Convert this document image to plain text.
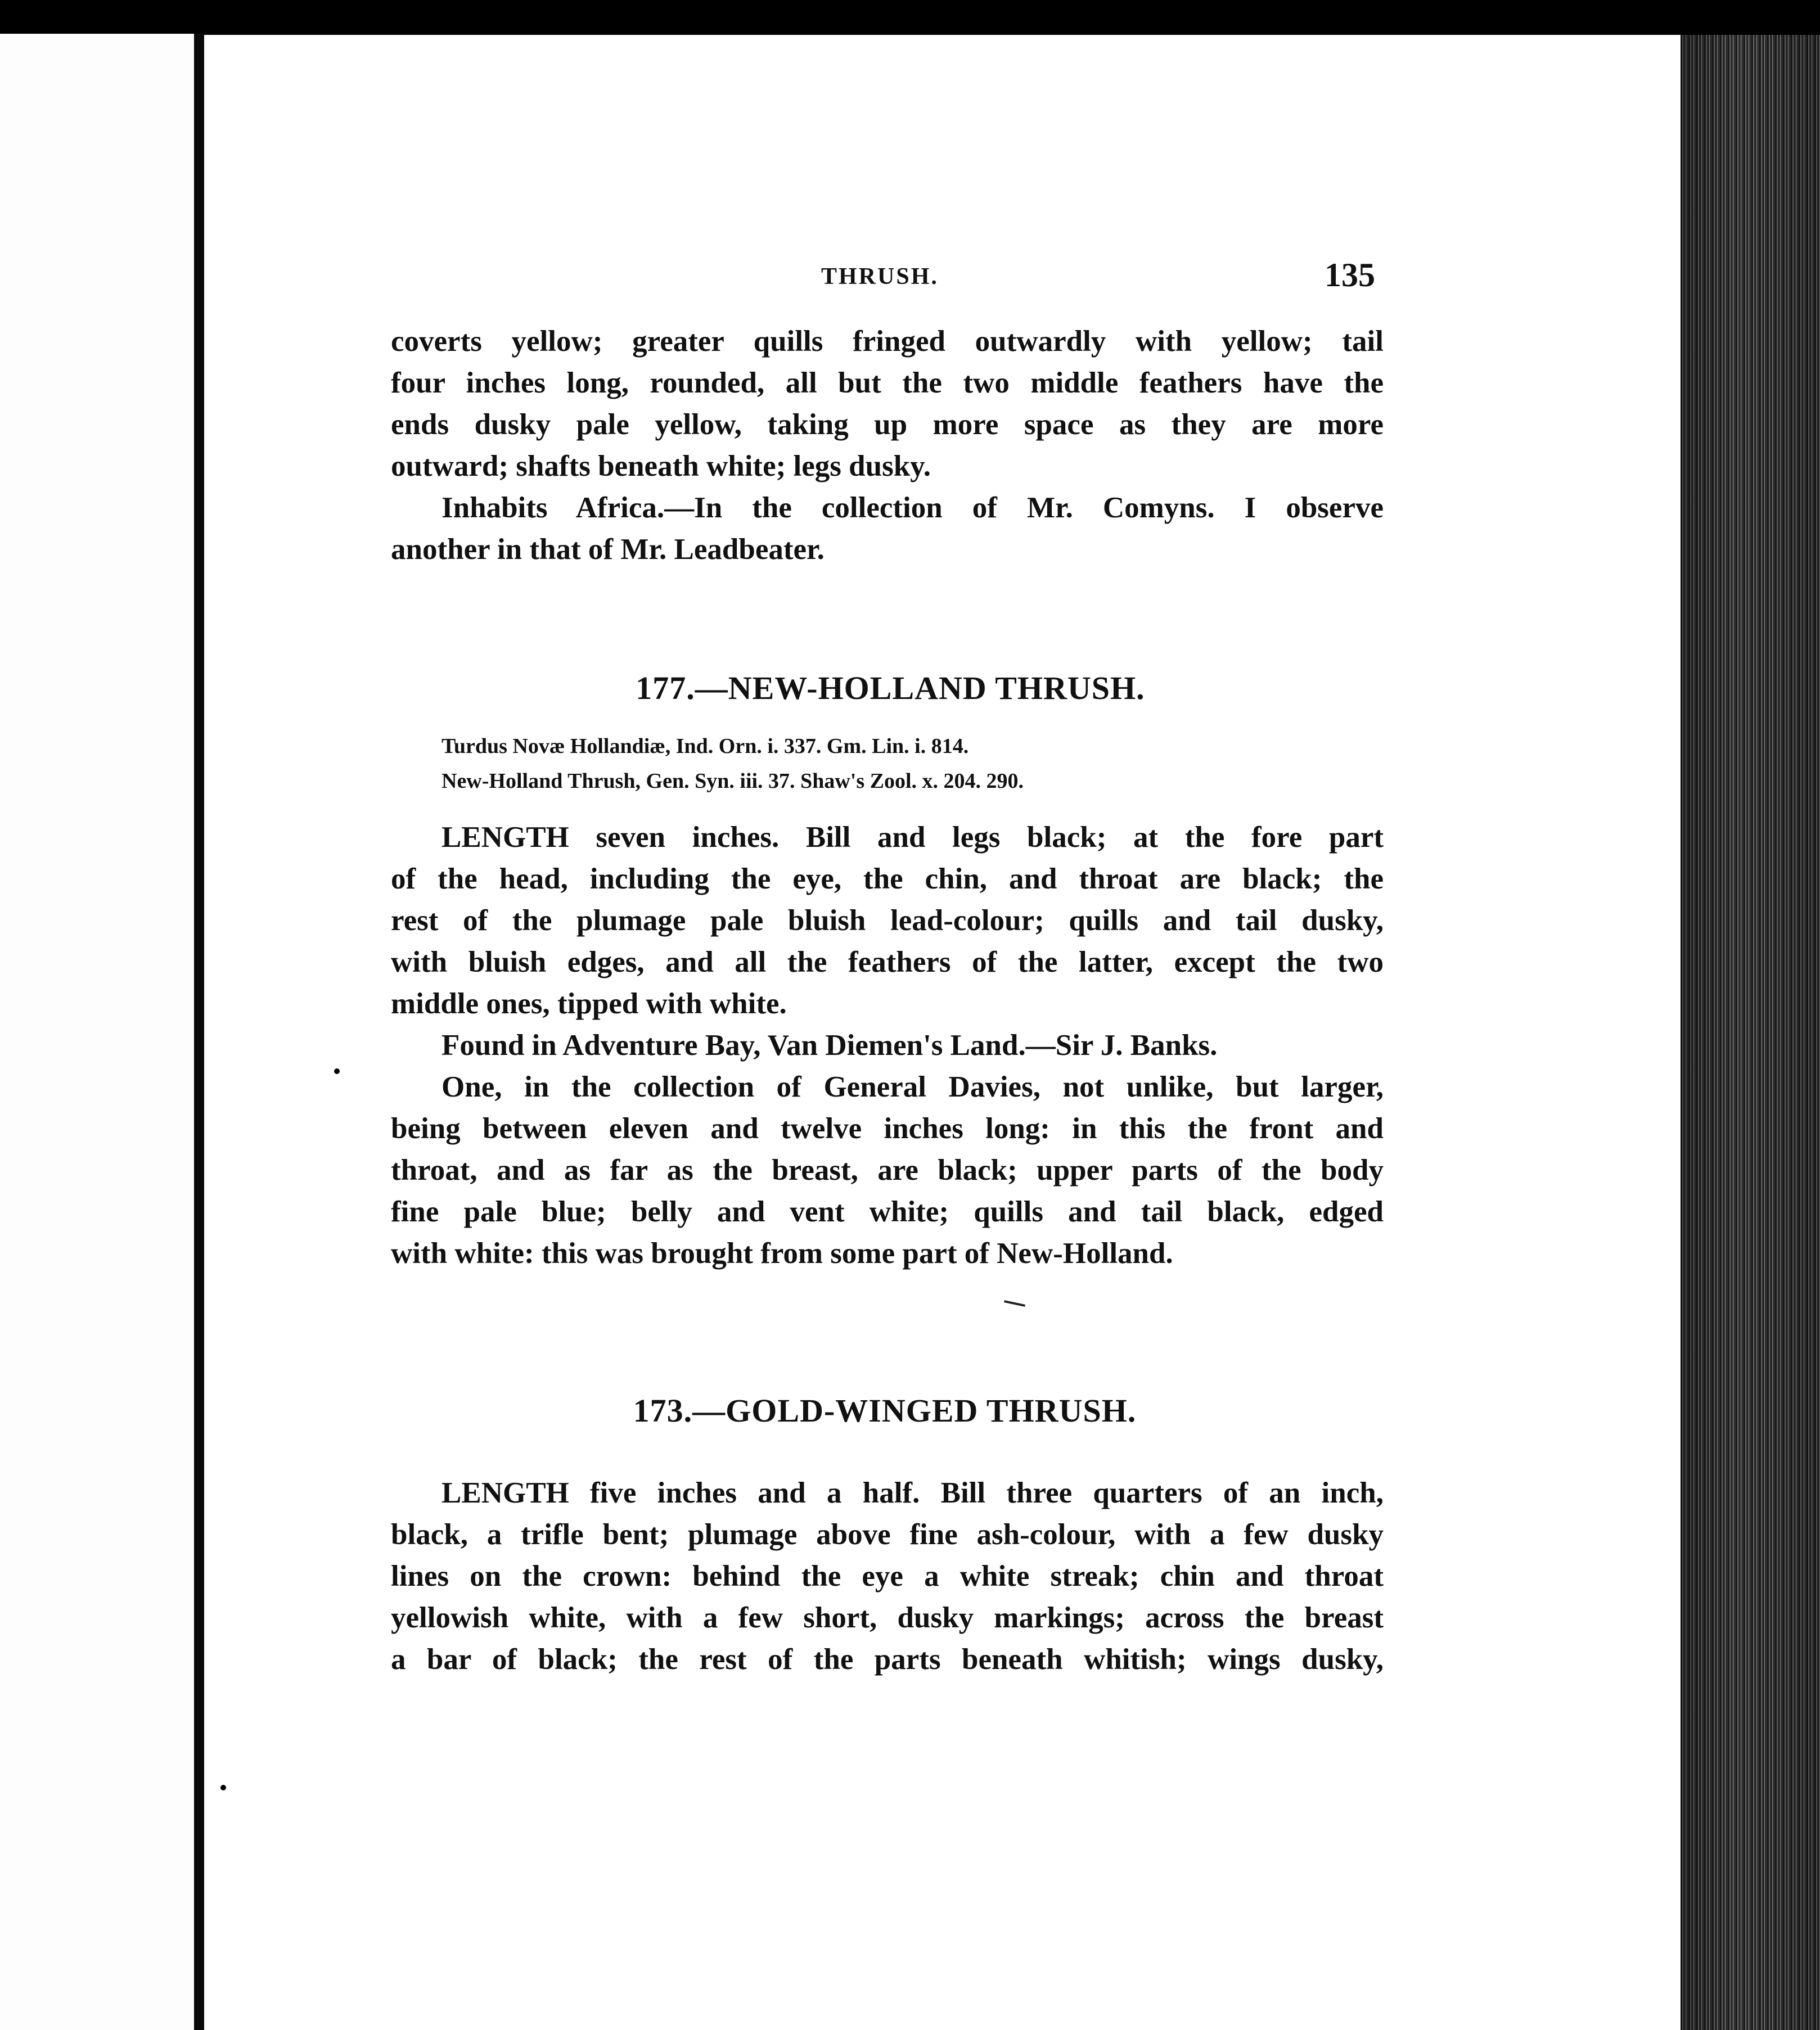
THRUSH.	135

coverts yellow; greater quills fringed outwardly with yellow; tail
four inches long, rounded, all but the two middle feathers have the
ends dusky pale yellow, taking up more space as they are more
outward; shafts beneath white; legs dusky.

Inhabits Africa.—In the collection of Mr. Comyns. I observe
another in that of Mr. Leadbeater.

177.—NEW-HOLLAND THRUSH.
Turdus Novæ Hollandiæ, Ind. Orn. i. 337. Gm. Lin. i. 814.
New-Holland Thrush, Gen. Syn. iii. 37. Shaw's Zool. x. 204. 290.

LENGTH seven inches. Bill and legs black; at the fore part
of the head, including the eye, the chin, and throat are black; the
rest of the plumage pale bluish lead-colour; quills and tail dusky,
with bluish edges, and all the feathers of the latter, except the two
middle ones, tipped with white.

Found in Adventure Bay, Van Diemen's Land.—Sir J. Banks.

One, in the collection of General Davies, not unlike, but larger,
being between eleven and twelve inches long: in this the front and
throat, and as far as the breast, are black; upper parts of the body
fine pale blue; belly and vent white; quills and tail black, edged
with white: this was brought from some part of New-Holland.

173.—GOLD-WINGED THRUSH.

LENGTH five inches and a half. Bill three quarters of an inch,
black, a trifle bent; plumage above fine ash-colour, with a few dusky
lines on the crown: behind the eye a white streak; chin and throat
yellowish white, with a few short, dusky markings; across the breast
a bar of black; the rest of the parts beneath whitish; wings dusky,
